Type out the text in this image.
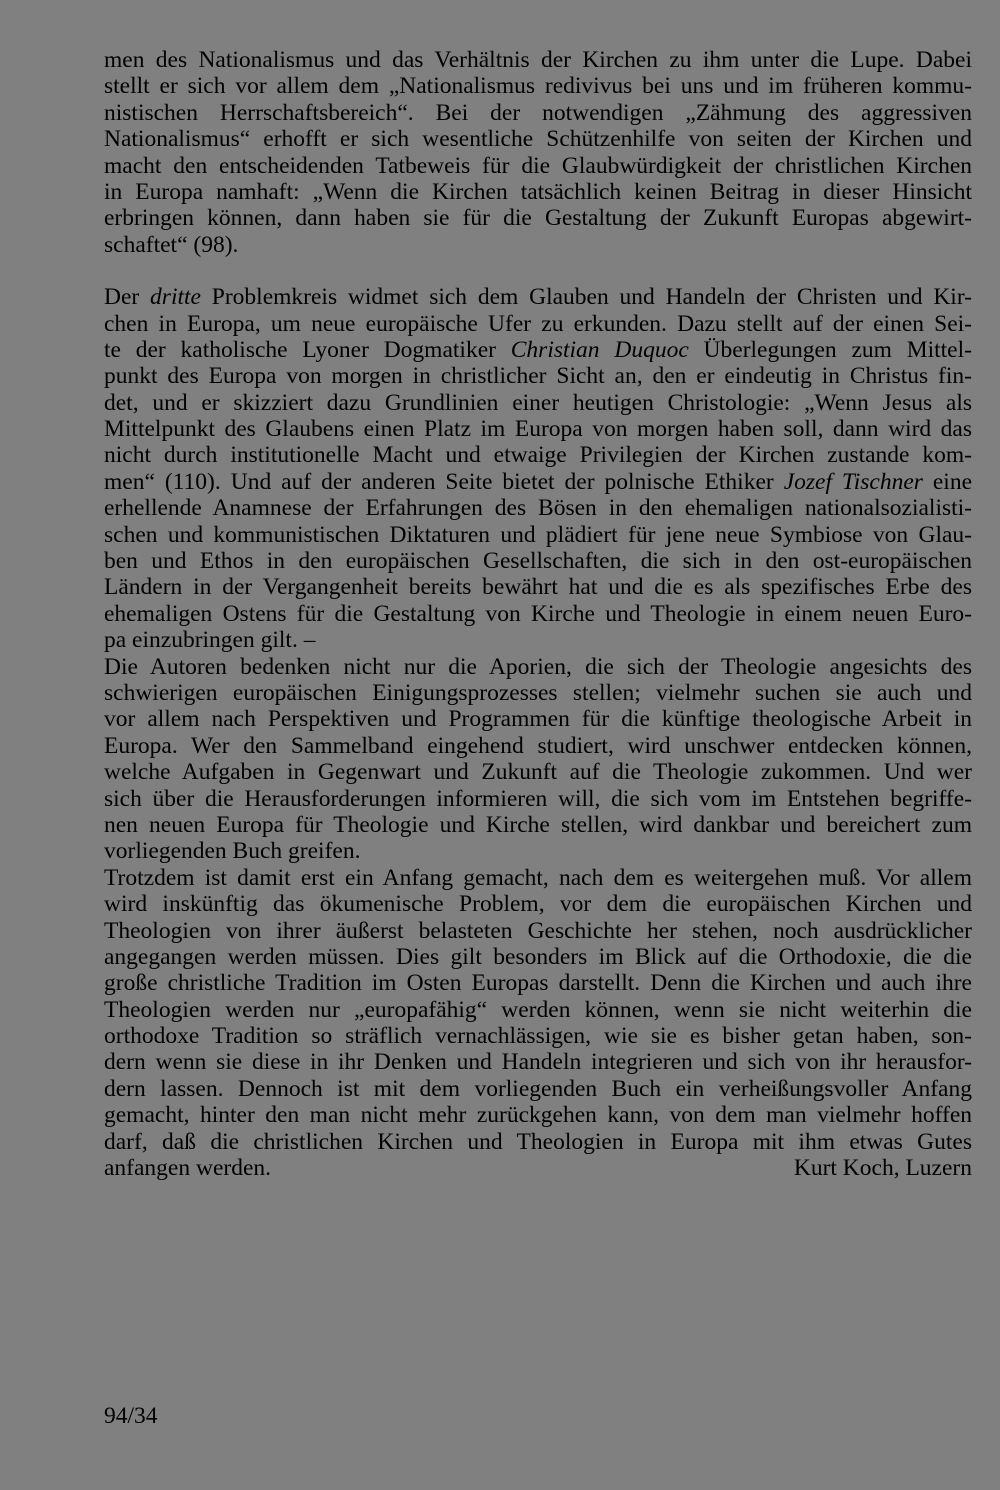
men des Nationalismus und das Verhältnis der Kirchen zu ihm unter die Lupe. Dabei
stellt er sich vor allem dem „Nationalismus redivivus bei uns und im früheren kommu-
nistischen Herrschaftsbereich“. Bei der notwendigen „Zähmung des aggressiven
Nationalismus“ erhofft er sich wesentliche Schützenhilfe von seiten der Kirchen und
macht den entscheidenden Tatbeweis für die Glaubwürdigkeit der christlichen Kirchen
in Europa namhaft: „Wenn die Kirchen tatsächlich keinen Beitrag in dieser Hinsicht
erbringen können, dann haben sie für die Gestaltung der Zukunft Europas abgewirt-
schaftet“ (98).
Der dritte Problemkreis widmet sich dem Glauben und Handeln der Christen und Kir-
chen in Europa, um neue europäische Ufer zu erkunden. Dazu stellt auf der einen Sei-
te der katholische Lyoner Dogmatiker Christian Duquoc Überlegungen zum Mittel-
punkt des Europa von morgen in christlicher Sicht an, den er eindeutig in Christus fin-
det, und er skizziert dazu Grundlinien einer heutigen Christologie: „Wenn Jesus als
Mittelpunkt des Glaubens einen Platz im Europa von morgen haben soll, dann wird das
nicht durch institutionelle Macht und etwaige Privilegien der Kirchen zustande kom-
men“ (110). Und auf der anderen Seite bietet der polnische Ethiker Jozef Tischner eine
erhellende Anamnese der Erfahrungen des Bösen in den ehemaligen nationalsozialisti-
schen und kommunistischen Diktaturen und plädiert für jene neue Symbiose von Glau-
ben und Ethos in den europäischen Gesellschaften, die sich in den ost-europäischen
Ländern in der Vergangenheit bereits bewährt hat und die es als spezifisches Erbe des
ehemaligen Ostens für die Gestaltung von Kirche und Theologie in einem neuen Euro-
pa einzubringen gilt. –
Die Autoren bedenken nicht nur die Aporien, die sich der Theologie angesichts des
schwierigen europäischen Einigungsprozesses stellen; vielmehr suchen sie auch und
vor allem nach Perspektiven und Programmen für die künftige theologische Arbeit in
Europa. Wer den Sammelband eingehend studiert, wird unschwer entdecken können,
welche Aufgaben in Gegenwart und Zukunft auf die Theologie zukommen. Und wer
sich über die Herausforderungen informieren will, die sich vom im Entstehen begriffe-
nen neuen Europa für Theologie und Kirche stellen, wird dankbar und bereichert zum
vorliegenden Buch greifen.
Trotzdem ist damit erst ein Anfang gemacht, nach dem es weitergehen muß. Vor allem
wird inskünftig das ökumenische Problem, vor dem die europäischen Kirchen und
Theologien von ihrer äußerst belasteten Geschichte her stehen, noch ausdrücklicher
angegangen werden müssen. Dies gilt besonders im Blick auf die Orthodoxie, die die
große christliche Tradition im Osten Europas darstellt. Denn die Kirchen und auch ihre
Theologien werden nur „europafähig“ werden können, wenn sie nicht weiterhin die
orthodoxe Tradition so sträflich vernachlässigen, wie sie es bisher getan haben, son-
dern wenn sie diese in ihr Denken und Handeln integrieren und sich von ihr herausfor-
dern lassen. Dennoch ist mit dem vorliegenden Buch ein verheißungsvoller Anfang
gemacht, hinter den man nicht mehr zurückgehen kann, von dem man vielmehr hoffen
darf, daß die christlichen Kirchen und Theologien in Europa mit ihm etwas Gutes
anfangen werden.	Kurt Koch, Luzern
94/34
